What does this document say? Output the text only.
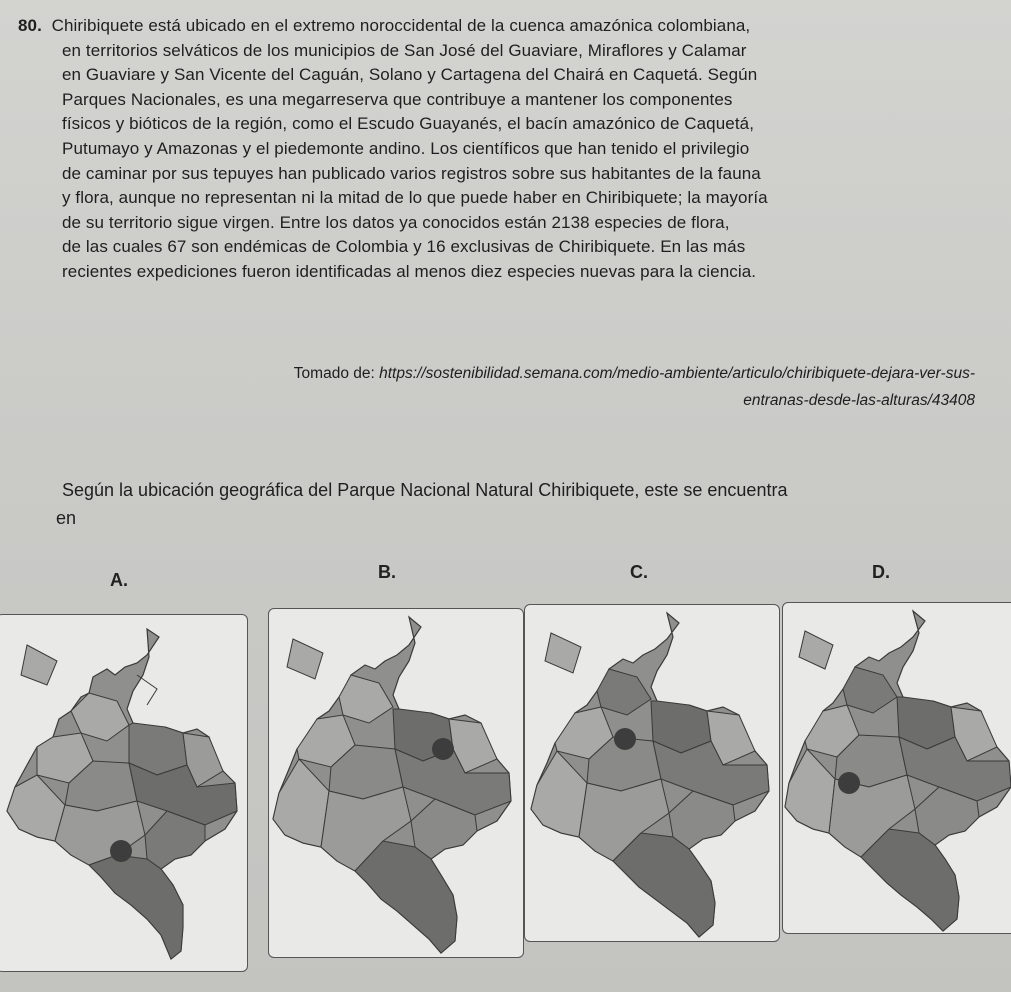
80. Chiribiquete está ubicado en el extremo noroccidental de la cuenca amazónica colombiana,
en territorios selváticos de los municipios de San José del Guaviare, Miraflores y Calamar
en Guaviare y San Vicente del Caguán, Solano y Cartagena del Chairá en Caquetá. Según
Parques Nacionales, es una megarreserva que contribuye a mantener los componentes
físicos y bióticos de la región, como el Escudo Guayanés, el bacín amazónico de Caquetá,
Putumayo y Amazonas y el piedemonte andino. Los científicos que han tenido el privilegio
de caminar por sus tepuyes han publicado varios registros sobre sus habitantes de la fauna
y flora, aunque no representan ni la mitad de lo que puede haber en Chiribiquete; la mayoría
de su territorio sigue virgen. Entre los datos ya conocidos están 2138 especies de flora,
de las cuales 67 son endémicas de Colombia y 16 exclusivas de Chiribiquete. En las más
recientes expediciones fueron identificadas al menos diez especies nuevas para la ciencia.
Tomado de: https://sostenibilidad.semana.com/medio-ambiente/articulo/chiribiquete-dejara-ver-sus-
entranas-desde-las-alturas/43408
Según la ubicación geográfica del Parque Nacional Natural Chiribiquete, este se encuentra
en
A.	B.	C.	D.
